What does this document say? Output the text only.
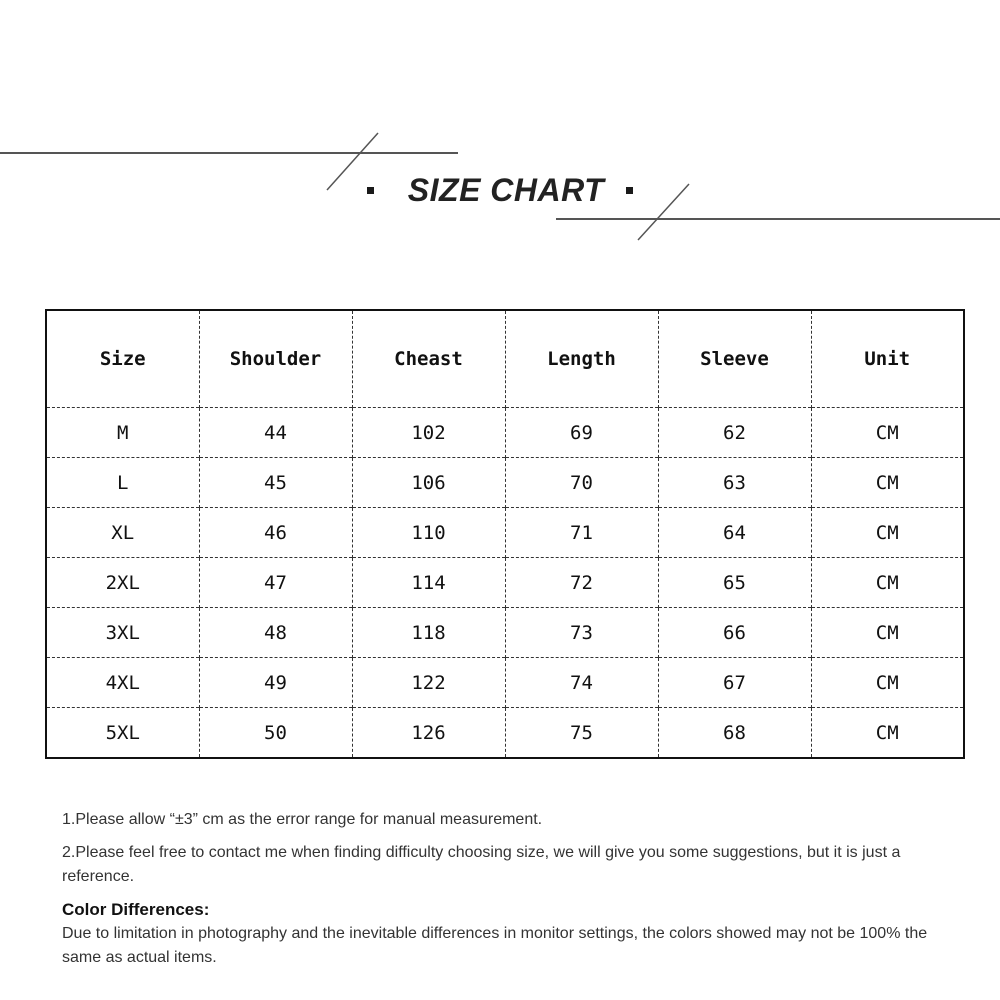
SIZE CHART
Size	Shoulder	Cheast	Length	Sleeve	Unit
M	44	102	69	62	CM
L	45	106	70	63	CM
XL	46	110	71	64	CM
2XL	47	114	72	65	CM
3XL	48	118	73	66	CM
4XL	49	122	74	67	CM
5XL	50	126	75	68	CM

1.Please allow “±3” cm as the error range for manual measurement.

2.Please feel free to contact me when finding difficulty choosing size, we will give you some suggestions, but it is just a reference.

Color Differences:

Due to limitation in photography and the inevitable differences in monitor settings, the colors showed may not be 100% the same as actual items.
